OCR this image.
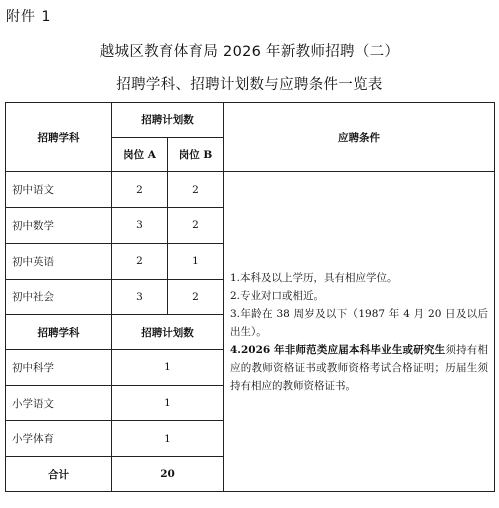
附件 1
越城区教育体育局 2026 年新教师招聘（二）
招聘学科、招聘计划数与应聘条件一览表
招聘学科	招聘计划数		应聘条件
	岗位 A	岗位 B	
初中语文	2	2	1.本科及以上学历，具有相应学位。
2.专业对口或相近。
3.年龄在 38 周岁及以下（1987 年 4 月 20 日及以后出生）。
4.2026 年非师范类应届本科毕业生或研究生须持有相应的教师资格证书或教师资格考试合格证明；历届生须持有相应的教师资格证书。

初中数学	3	2	
初中英语	2	1	
初中社会	3	2	
招聘学科	招聘计划数		
初中科学	1		
小学语文	1		
小学体育	1		
合计	20		
